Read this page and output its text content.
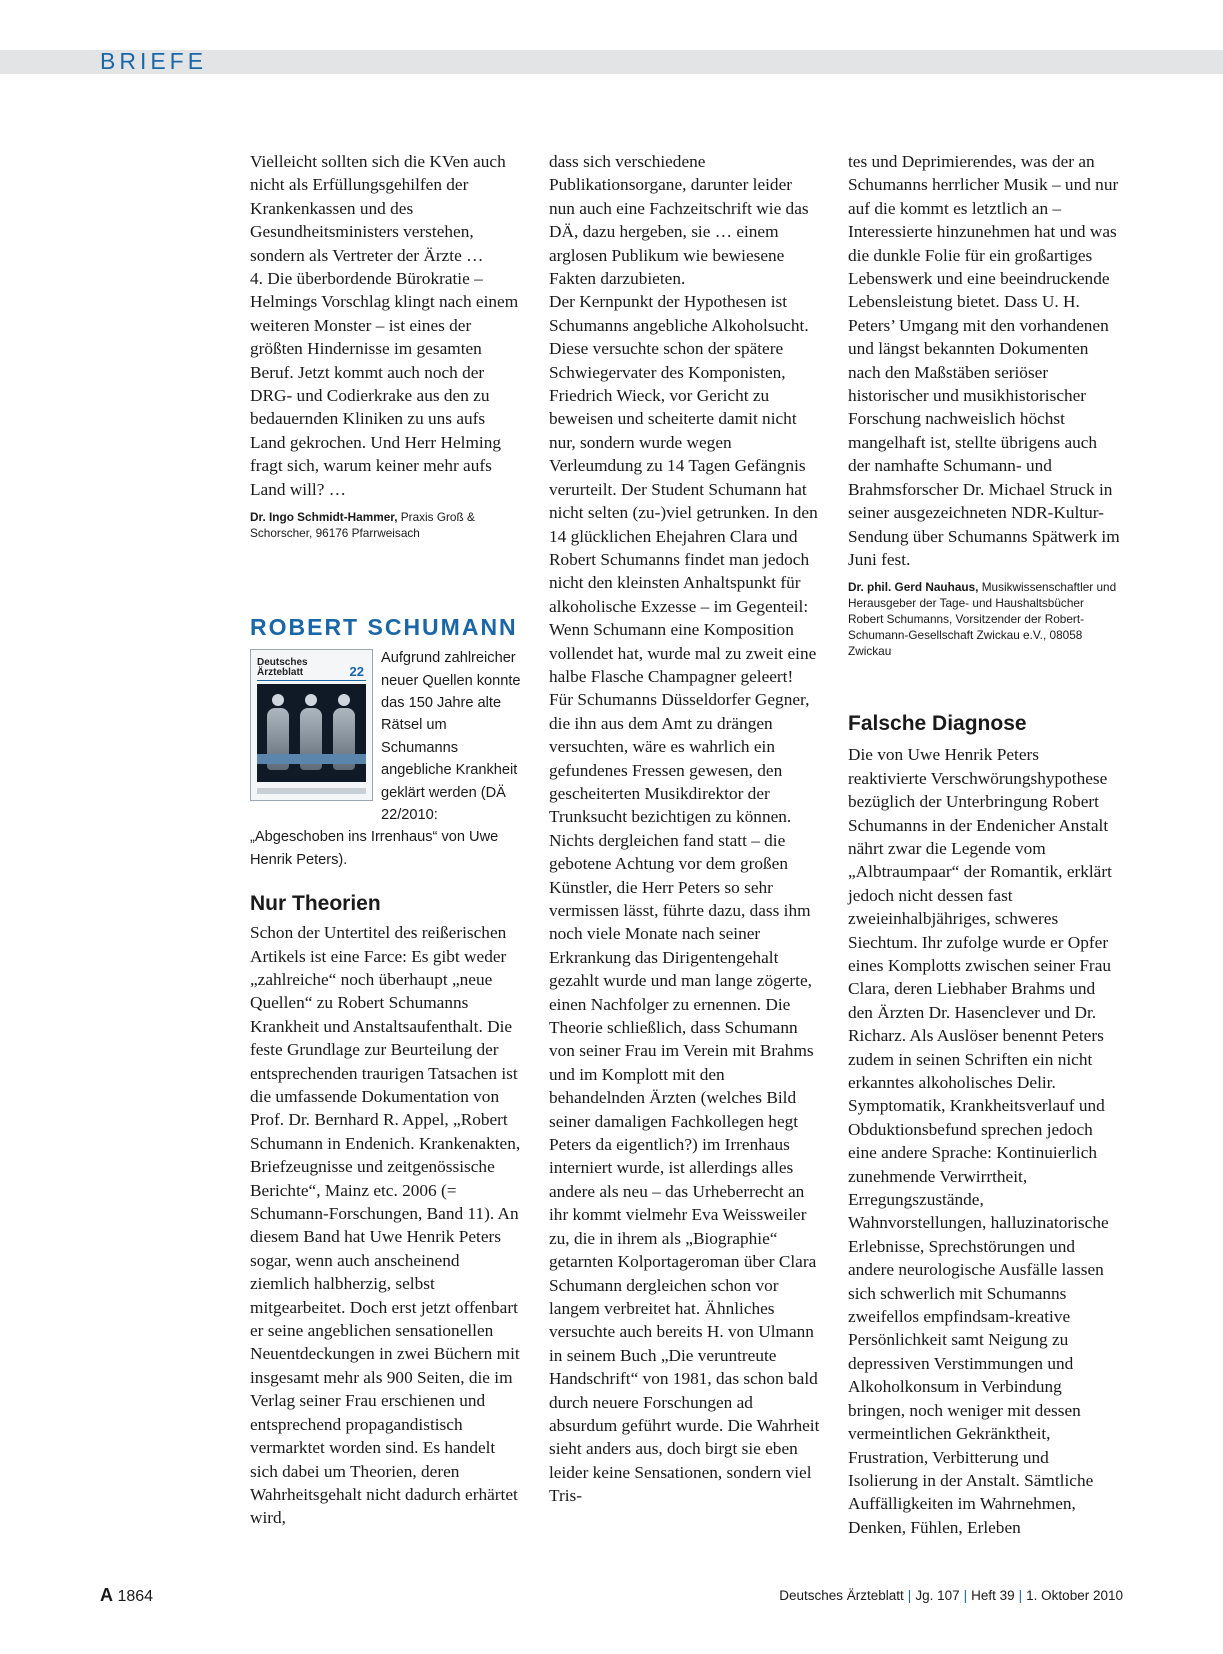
BRIEFE

Vielleicht sollten sich die KVen auch nicht als Erfüllungsgehilfen der Krankenkassen und des Gesundheitsministers verstehen, sondern als Vertreter der Ärzte …
4. Die überbordende Bürokratie – Helmings Vorschlag klingt nach einem weiteren Monster – ist eines der größten Hindernisse im gesamten Beruf. Jetzt kommt auch noch der DRG- und Codierkrake aus den zu bedauernden Kliniken zu uns aufs Land gekrochen. Und Herr Helming fragt sich, warum keiner mehr aufs Land will? …

Dr. Ingo Schmidt-Hammer, Praxis Groß & Schorscher, 96176 Pfarrweisach
ROBERT SCHUMANN
Deutsches Ärzteblatt	22
Aufgrund zahlreicher neuer Quellen konnte das 150 Jahre alte Rätsel um Schumanns angebliche Krankheit geklärt werden (DÄ 22/2010: „Abgeschoben ins Irrenhaus“ von Uwe Henrik Peters).
Nur Theorien

Schon der Untertitel des reißerischen Artikels ist eine Farce: Es gibt weder „zahlreiche“ noch überhaupt „neue Quellen“ zu Robert Schumanns Krankheit und Anstaltsaufenthalt. Die feste Grundlage zur Beurteilung der entsprechenden traurigen Tatsachen ist die umfassende Dokumentation von Prof. Dr. Bernhard R. Appel, „Robert Schumann in Endenich. Krankenakten, Briefzeugnisse und zeitgenössische Berichte“, Mainz etc. 2006 (= Schumann-Forschungen, Band 11). An diesem Band hat Uwe Henrik Peters sogar, wenn auch anscheinend ziemlich halbherzig, selbst mitgearbeitet. Doch erst jetzt offenbart er seine angeblichen sensationellen Neuentdeckungen in zwei Büchern mit insgesamt mehr als 900 Seiten, die im Verlag seiner Frau erschienen und entsprechend propagandistisch vermarktet worden sind. Es handelt sich dabei um Theorien, deren Wahrheitsgehalt nicht dadurch erhärtet wird,

dass sich verschiedene Publikationsorgane, darunter leider nun auch eine Fachzeitschrift wie das DÄ, dazu hergeben, sie … einem arglosen Publikum wie bewiesene Fakten darzubieten.
Der Kernpunkt der Hypothesen ist Schumanns angebliche Alkoholsucht. Diese versuchte schon der spätere Schwiegervater des Komponisten, Friedrich Wieck, vor Gericht zu beweisen und scheiterte damit nicht nur, sondern wurde wegen Verleumdung zu 14 Tagen Gefängnis verurteilt. Der Student Schumann hat nicht selten (zu-)viel getrunken. In den 14 glücklichen Ehejahren Clara und Robert Schumanns findet man jedoch nicht den kleinsten Anhaltspunkt für alkoholische Exzesse – im Gegenteil: Wenn Schumann eine Komposition vollendet hat, wurde mal zu zweit eine halbe Flasche Champagner geleert! Für Schumanns Düsseldorfer Gegner, die ihn aus dem Amt zu drängen versuchten, wäre es wahrlich ein gefundenes Fressen gewesen, den gescheiterten Musikdirektor der Trunksucht bezichtigen zu können. Nichts dergleichen fand statt – die gebotene Achtung vor dem großen Künstler, die Herr Peters so sehr vermissen lässt, führte dazu, dass ihm noch viele Monate nach seiner Erkrankung das Dirigentengehalt gezahlt wurde und man lange zögerte, einen Nachfolger zu ernennen. Die Theorie schließlich, dass Schumann von seiner Frau im Verein mit Brahms und im Komplott mit den behandelnden Ärzten (welches Bild seiner damaligen Fachkollegen hegt Peters da eigentlich?) im Irrenhaus interniert wurde, ist allerdings alles andere als neu – das Urheberrecht an ihr kommt vielmehr Eva Weissweiler zu, die in ihrem als „Biographie“ getarnten Kolportageroman über Clara Schumann dergleichen schon vor langem verbreitet hat. Ähnliches versuchte auch bereits H. von Ulmann in seinem Buch „Die veruntreute Handschrift“ von 1981, das schon bald durch neuere Forschungen ad absurdum geführt wurde. Die Wahrheit sieht anders aus, doch birgt sie eben leider keine Sensationen, sondern viel Tris-

tes und Deprimierendes, was der an Schumanns herrlicher Musik – und nur auf die kommt es letztlich an – Interessierte hinzunehmen hat und was die dunkle Folie für ein großartiges Lebenswerk und eine beeindruckende Lebensleistung bietet. Dass U. H. Peters’ Umgang mit den vorhandenen und längst bekannten Dokumenten nach den Maßstäben seriöser historischer und musikhistorischer Forschung nachweislich höchst mangelhaft ist, stellte übrigens auch der namhafte Schumann- und Brahmsforscher Dr. Michael Struck in seiner ausgezeichneten NDR-Kultur-Sendung über Schumanns Spätwerk im Juni fest.

Dr. phil. Gerd Nauhaus, Musikwissenschaftler und Herausgeber der Tage- und Haushaltsbücher Robert Schumanns, Vorsitzender der Robert-Schumann-Gesellschaft Zwickau e.V., 08058 Zwickau
Falsche Diagnose

Die von Uwe Henrik Peters reaktivierte Verschwörungshypothese bezüglich der Unterbringung Robert Schumanns in der Endenicher Anstalt nährt zwar die Legende vom „Albtraumpaar“ der Romantik, erklärt jedoch nicht dessen fast zweieinhalbjähriges, schweres Siechtum. Ihr zufolge wurde er Opfer eines Komplotts zwischen seiner Frau Clara, deren Liebhaber Brahms und den Ärzten Dr. Hasenclever und Dr. Richarz. Als Auslöser benennt Peters zudem in seinen Schriften ein nicht erkanntes alkoholisches Delir. Symptomatik, Krankheitsverlauf und Obduktionsbefund sprechen jedoch eine andere Sprache: Kontinuierlich zunehmende Verwirrtheit, Erregungszustände, Wahnvorstellungen, halluzinatorische Erlebnisse, Sprechstörungen und andere neurologische Ausfälle lassen sich schwerlich mit Schumanns zweifellos empfindsam-kreative Persönlichkeit samt Neigung zu depressiven Verstimmungen und Alkoholkonsum in Verbindung bringen, noch weniger mit dessen vermeintlichen Gekränktheit, Frustration, Verbitterung und Isolierung in der Anstalt. Sämtliche Auffälligkeiten im Wahrnehmen, Denken, Fühlen, Erleben

A 1864	Deutsches Ärzteblatt | Jg. 107 | Heft 39 | 1. Oktober 2010
